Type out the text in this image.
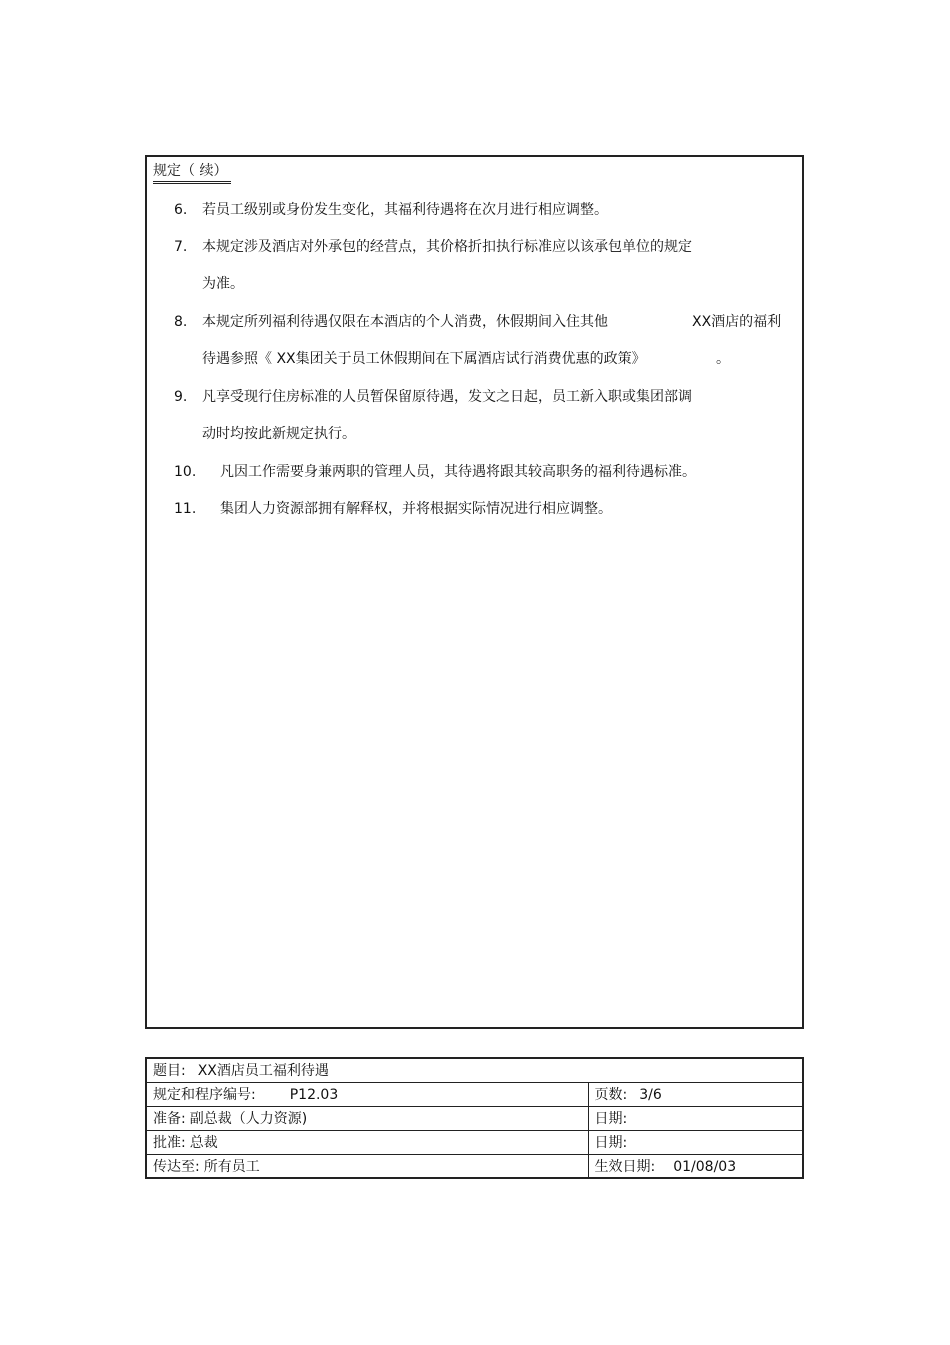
规定（ 续）
6. 若员工级别或身份发生变化，其福利待遇将在次月进行相应调整。
7. 本规定涉及酒店对外承包的经营点，其价格折扣执行标准应以该承包单位的规定
为准。
8. 本规定所列福利待遇仅限在本酒店的个人消费，休假期间入住其他	XX酒店的福利
待遇参照《 XX集团关于员工休假期间在下属酒店试行消费优惠的政策》	。
9. 凡享受现行住房标准的人员暂保留原待遇，发文之日起，员工新入职或集团部调
动时均按此新规定执行。
10. 凡因工作需要身兼两职的管理人员，其待遇将跟其较高职务的福利待遇标准。
11. 集团人力资源部拥有解释权，并将根据实际情况进行相应调整。
题目: XX酒店员工福利待遇	
规定和程序编号: P12.03	页数: 3/6
准备: 副总裁（人力资源)	日期:
批准: 总裁	日期:
传达至: 所有员工	生效日期: 01/08/03
